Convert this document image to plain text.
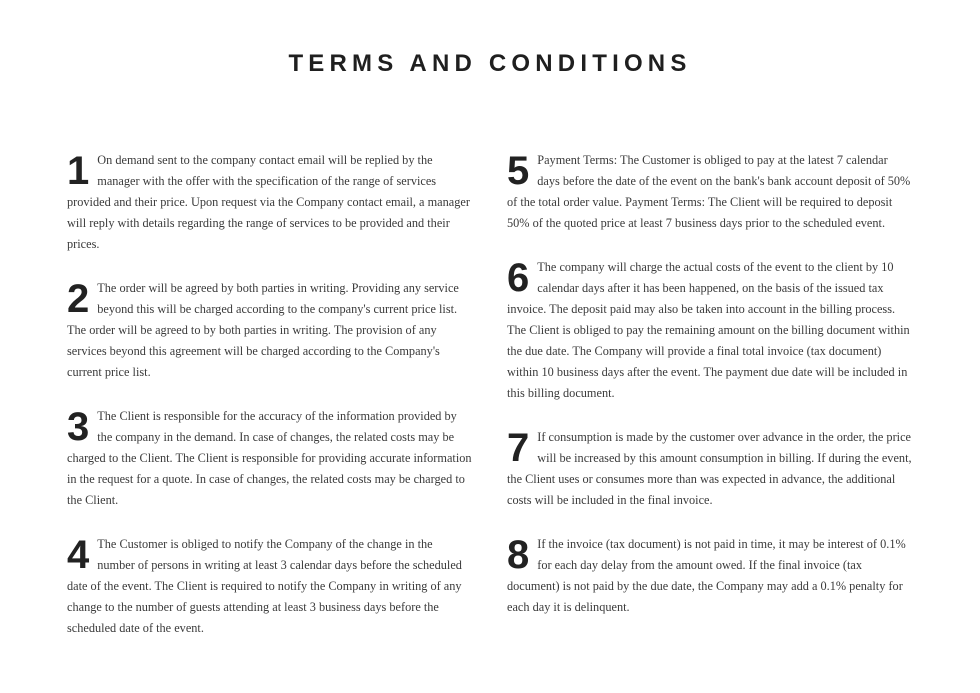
TERMS AND CONDITIONS
1 On demand sent to the company contact email will be replied by the manager with the offer with the specification of the range of services provided and their price. Upon request via the Company contact email, a manager will reply with details regarding the range of services to be provided and their prices.

2 The order will be agreed by both parties in writing. Providing any service beyond this will be charged according to the company's current price list. The order will be agreed to by both parties in writing. The provision of any services beyond this agreement will be charged according to the Company's current price list.

3 The Client is responsible for the accuracy of the information provided by the company in the demand. In case of changes, the related costs may be charged to the Client. The Client is responsible for providing accurate information in the request for a quote. In case of changes, the related costs may be charged to the Client.

4 The Customer is obliged to notify the Company of the change in the number of persons in writing at least 3 calendar days before the scheduled date of the event. The Client is required to notify the Company in writing of any change to the number of guests attending at least 3 business days before the scheduled date of the event.

5 Payment Terms: The Customer is obliged to pay at the latest 7 calendar days before the date of the event on the bank's bank account deposit of 50% of the total order value. Payment Terms: The Client will be required to deposit 50% of the quoted price at least 7 business days prior to the scheduled event.

6 The company will charge the actual costs of the event to the client by 10 calendar days after it has been happened, on the basis of the issued tax invoice. The deposit paid may also be taken into account in the billing process. The Client is obliged to pay the remaining amount on the billing document within the due date. The Company will provide a final total invoice (tax document) within 10 business days after the event. The payment due date will be included in this billing document.

7 If consumption is made by the customer over advance in the order, the price will be increased by this amount consumption in billing. If during the event, the Client uses or consumes more than was expected in advance, the additional costs will be included in the final invoice.

8 If the invoice (tax document) is not paid in time, it may be interest of 0.1% for each day delay from the amount owed. If the final invoice (tax document) is not paid by the due date, the Company may add a 0.1% penalty for each day it is delinquent.
